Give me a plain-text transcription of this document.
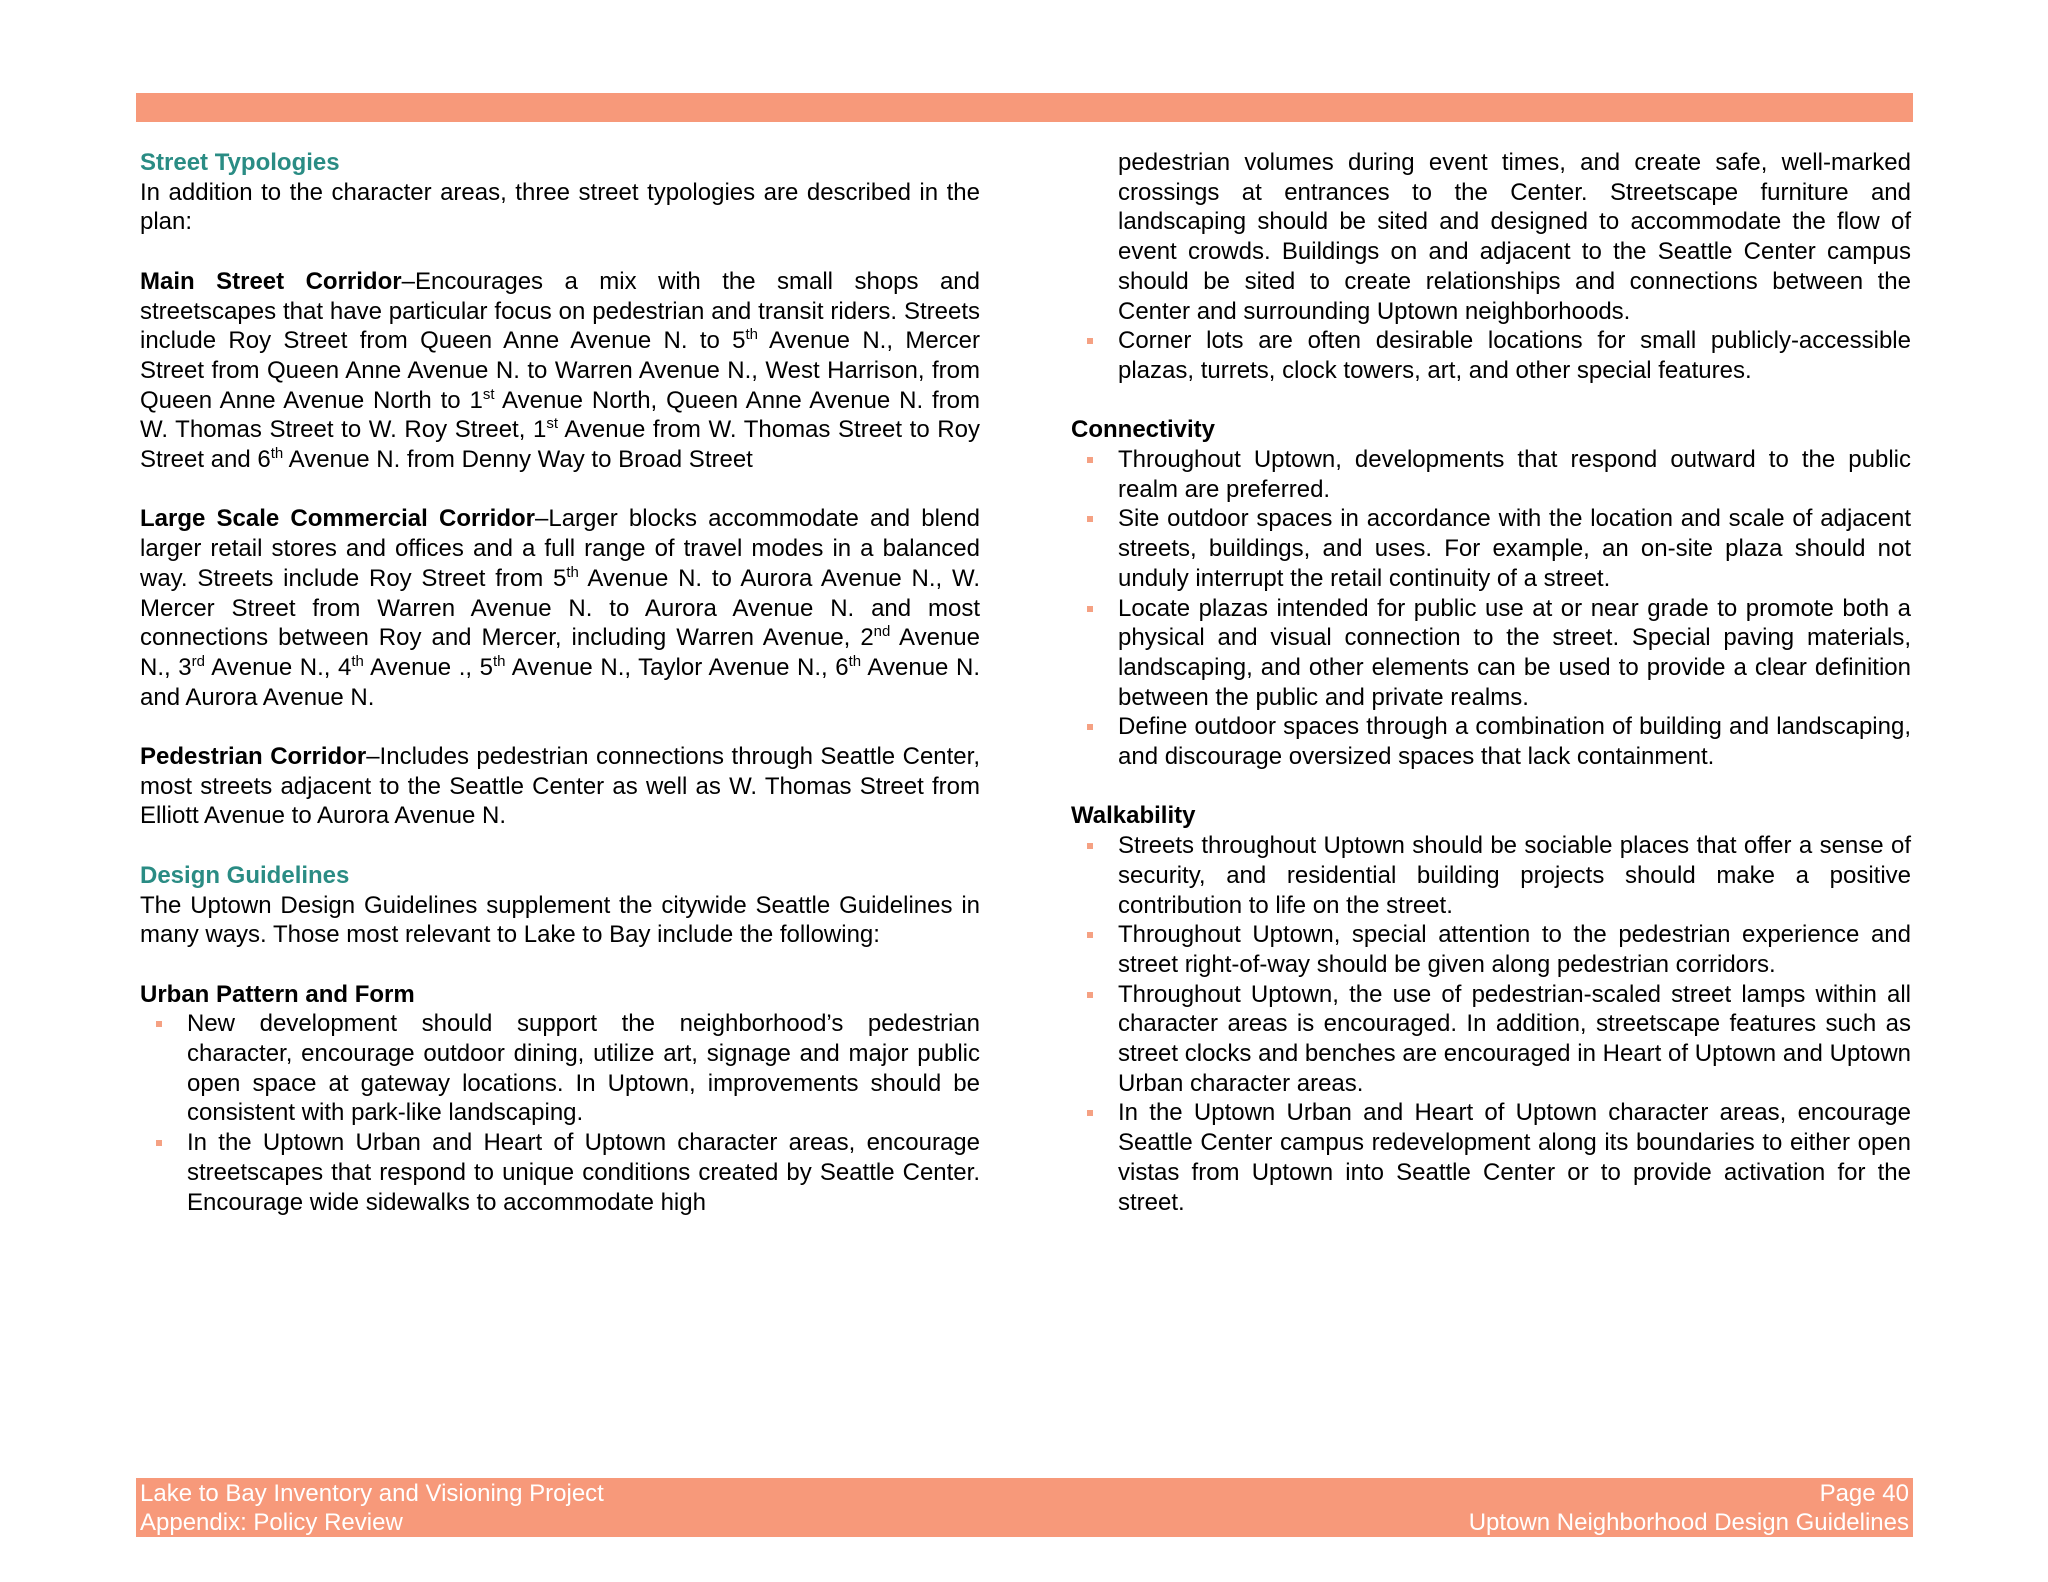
Street Typologies

In addition to the character areas, three street typologies are described in the plan:

Main Street Corridor–Encourages a mix with the small shops and streetscapes that have particular focus on pedestrian and transit riders. Streets include Roy Street from Queen Anne Avenue N. to 5th Avenue N., Mercer Street from Queen Anne Avenue N. to Warren Avenue N., West Harrison, from Queen Anne Avenue North to 1st Avenue North, Queen Anne Avenue N. from W. Thomas Street to W. Roy Street, 1st Avenue from W. Thomas Street to Roy Street and 6th Avenue N. from Denny Way to Broad Street

Large Scale Commercial Corridor–Larger blocks accommodate and blend larger retail stores and offices and a full range of travel modes in a balanced way. Streets include Roy Street from 5th Avenue N. to Aurora Avenue N., W. Mercer Street from Warren Avenue N. to Aurora Avenue N. and most connections between Roy and Mercer, including Warren Avenue, 2nd Avenue N., 3rd Avenue N., 4th Avenue ., 5th Avenue N., Taylor Avenue N., 6th Avenue N. and Aurora Avenue N.

Pedestrian Corridor–Includes pedestrian connections through Seattle Center, most streets adjacent to the Seattle Center as well as W. Thomas Street from Elliott Avenue to Aurora Avenue N.

Design Guidelines

The Uptown Design Guidelines supplement the citywide Seattle Guidelines in many ways. Those most relevant to Lake to Bay include the following:

Urban Pattern and Form
New development should support the neighborhood’s pedestrian character, encourage outdoor dining, utilize art, signage and major public open space at gateway locations. In Uptown, improvements should be consistent with park-like landscaping.
In the Uptown Urban and Heart of Uptown character areas, encourage streetscapes that respond to unique conditions created by Seattle Center. Encourage wide sidewalks to accommodate high
pedestrian volumes during event times, and create safe, well-marked crossings at entrances to the Center. Streetscape furniture and landscaping should be sited and designed to accommodate the flow of event crowds. Buildings on and adjacent to the Seattle Center campus should be sited to create relationships and connections between the Center and surrounding Uptown neighborhoods.
Corner lots are often desirable locations for small publicly-accessible plazas, turrets, clock towers, art, and other special features.
Connectivity
Throughout Uptown, developments that respond outward to the public realm are preferred.
Site outdoor spaces in accordance with the location and scale of adjacent streets, buildings, and uses. For example, an on-site plaza should not unduly interrupt the retail continuity of a street.
Locate plazas intended for public use at or near grade to promote both a physical and visual connection to the street. Special paving materials, landscaping, and other elements can be used to provide a clear definition between the public and private realms.
Define outdoor spaces through a combination of building and landscaping, and discourage oversized spaces that lack containment.
Walkability
Streets throughout Uptown should be sociable places that offer a sense of security, and residential building projects should make a positive contribution to life on the street.
Throughout Uptown, special attention to the pedestrian experience and street right-of-way should be given along pedestrian corridors.
Throughout Uptown, the use of pedestrian-scaled street lamps within all character areas is encouraged. In addition, streetscape features such as street clocks and benches are encouraged in Heart of Uptown and Uptown Urban character areas.
In the Uptown Urban and Heart of Uptown character areas, encourage Seattle Center campus redevelopment along its boundaries to either open vistas from Uptown into Seattle Center or to provide activation for the street.
Lake to Bay Inventory and Visioning Project
Appendix: Policy Review
Page 40
Uptown Neighborhood Design Guidelines
